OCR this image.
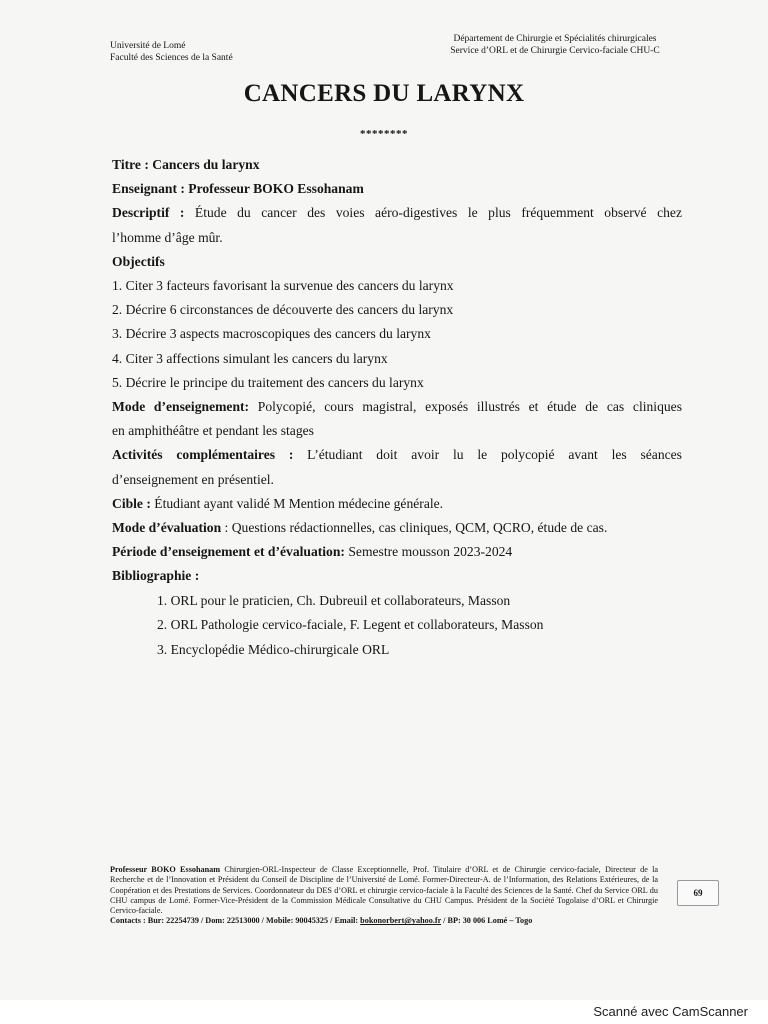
Université de Lomé
Faculté des Sciences de la Santé
Département de Chirurgie et Spécialités chirurgicales
Service d’ORL et de Chirurgie Cervico-faciale CHU-C
CANCERS DU LARYNX
********
Titre : Cancers du larynx
Enseignant : Professeur BOKO Essohanam
Descriptif : Étude du cancer des voies aéro-digestives le plus fréquemment observé chez
l’homme d’âge mûr.
Objectifs
1. Citer 3 facteurs favorisant la survenue des cancers du larynx
2. Décrire 6 circonstances de découverte des cancers du larynx
3. Décrire 3 aspects macroscopiques des cancers du larynx
4. Citer 3 affections simulant les cancers du larynx
5. Décrire le principe du traitement des cancers du larynx
Mode d’enseignement: Polycopié, cours magistral, exposés illustrés et étude de cas cliniques
en amphithéâtre et pendant les stages
Activités complémentaires : L’étudiant doit avoir lu le polycopié avant les séances
d’enseignement en présentiel.
Cible : Étudiant ayant validé M Mention médecine générale.
Mode d’évaluation : Questions rédactionnelles, cas cliniques, QCM, QCRO, étude de cas.
Période d’enseignement et d’évaluation: Semestre mousson 2023-2024
Bibliographie :
1. ORL pour le praticien, Ch. Dubreuil et collaborateurs, Masson
2. ORL Pathologie cervico-faciale, F. Legent et collaborateurs, Masson
3. Encyclopédie Médico-chirurgicale ORL
Professeur BOKO Essohanam Chirurgien-ORL-Inspecteur de Classe Exceptionnelle, Prof. Titulaire d’ORL et de Chirurgie cervico-faciale, Directeur de la Recherche et de l’Innovation et Président du Conseil de Discipline de l’Université de Lomé. Former-Directeur-A. de l’Information, des Relations Extérieures, de la Coopération et des Prestations de Services. Coordonnateur du DES d’ORL et chirurgie cervico-faciale à la Faculté des Sciences de la Santé. Chef du Service ORL du CHU campus de Lomé. Former-Vice-Président de la Commission Médicale Consultative du CHU Campus. Président de la Société Togolaise d’ORL et Chirurgie Cervico-faciale.
Contacts : Bur: 22254739 / Dom: 22513000 / Mobile: 90045325 / Email: bokonorbert@yahoo.fr / BP: 30 006 Lomé – Togo
69
Scanné avec CamScanner
